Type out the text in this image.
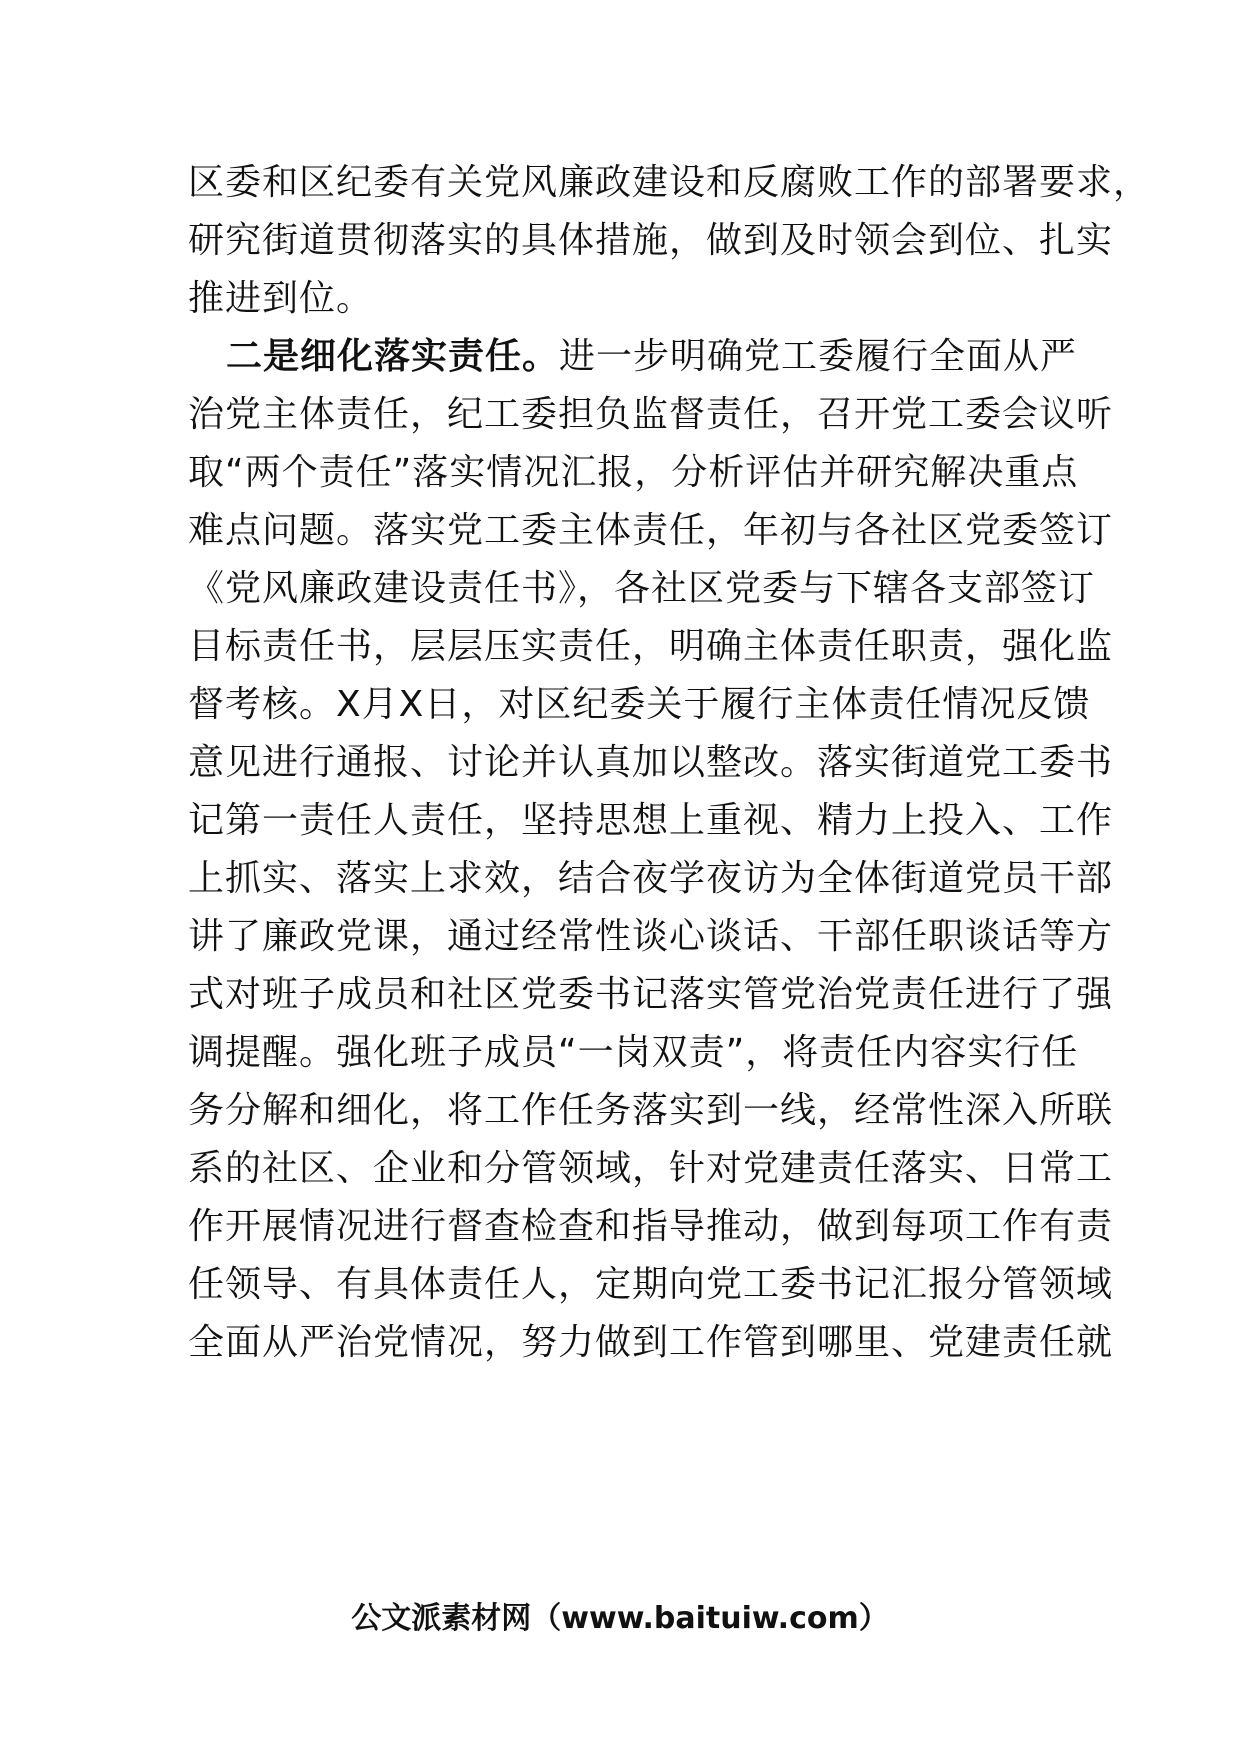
区委和区纪委有关党风廉政建设和反腐败工作的部署要求，
研究街道贯彻落实的具体措施，做到及时领会到位、扎实
推进到位。
二是细化落实责任。进一步明确党工委履行全面从严
治党主体责任，纪工委担负监督责任，召开党工委会议听
取“两个责任”落实情况汇报，分析评估并研究解决重点
难点问题。落实党工委主体责任，年初与各社区党委签订
《党风廉政建设责任书》，各社区党委与下辖各支部签订
目标责任书，层层压实责任，明确主体责任职责，强化监
督考核。X月X日，对区纪委关于履行主体责任情况反馈
意见进行通报、讨论并认真加以整改。落实街道党工委书
记第一责任人责任，坚持思想上重视、精力上投入、工作
上抓实、落实上求效，结合夜学夜访为全体街道党员干部
讲了廉政党课，通过经常性谈心谈话、干部任职谈话等方
式对班子成员和社区党委书记落实管党治党责任进行了强
调提醒。强化班子成员“一岗双责”，将责任内容实行任
务分解和细化，将工作任务落实到一线，经常性深入所联
系的社区、企业和分管领域，针对党建责任落实、日常工
作开展情况进行督查检查和指导推动，做到每项工作有责
任领导、有具体责任人，定期向党工委书记汇报分管领域
全面从严治党情况，努力做到工作管到哪里、党建责任就
公文派素材网（www.baituiw.com）
